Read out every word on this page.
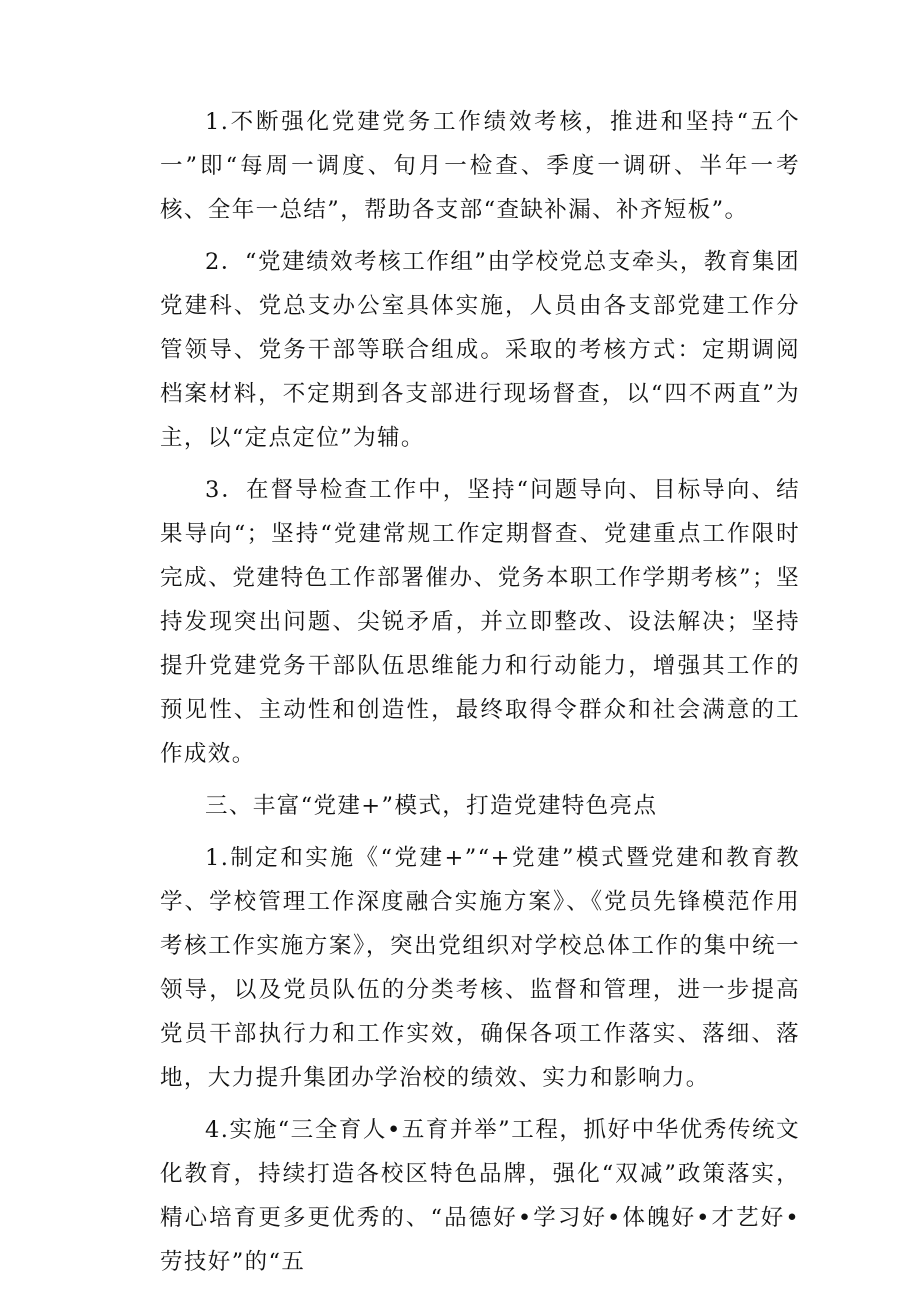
1.不断强化党建党务工作绩效考核，推进和坚持“五个一”即“每周一调度、旬月一检查、季度一调研、半年一考核、全年一总结”，帮助各支部“查缺补漏、补齐短板”。

2．“党建绩效考核工作组”由学校党总支牵头，教育集团党建科、党总支办公室具体实施，人员由各支部党建工作分管领导、党务干部等联合组成。采取的考核方式：定期调阅档案材料，不定期到各支部进行现场督查，以“四不两直”为主，以“定点定位”为辅。

3．在督导检查工作中，坚持“问题导向、目标导向、结果导向“；坚持“党建常规工作定期督查、党建重点工作限时完成、党建特色工作部署催办、党务本职工作学期考核”；坚持发现突出问题、尖锐矛盾，并立即整改、设法解决；坚持提升党建党务干部队伍思维能力和行动能力，增强其工作的预见性、主动性和创造性，最终取得令群众和社会满意的工作成效。

三、丰富“党建+”模式，打造党建特色亮点

1.制定和实施《“党建+”“+党建”模式暨党建和教育教学、学校管理工作深度融合实施方案》、《党员先锋模范作用考核工作实施方案》，突出党组织对学校总体工作的集中统一领导，以及党员队伍的分类考核、监督和管理，进一步提高党员干部执行力和工作实效，确保各项工作落实、落细、落地，大力提升集团办学治校的绩效、实力和影响力。

4.实施“三全育人•五育并举”工程，抓好中华优秀传统文化教育，持续打造各校区特色品牌，强化“双减”政策落实，精心培育更多更优秀的、“品德好•学习好•体魄好•才艺好•劳技好”的“五
